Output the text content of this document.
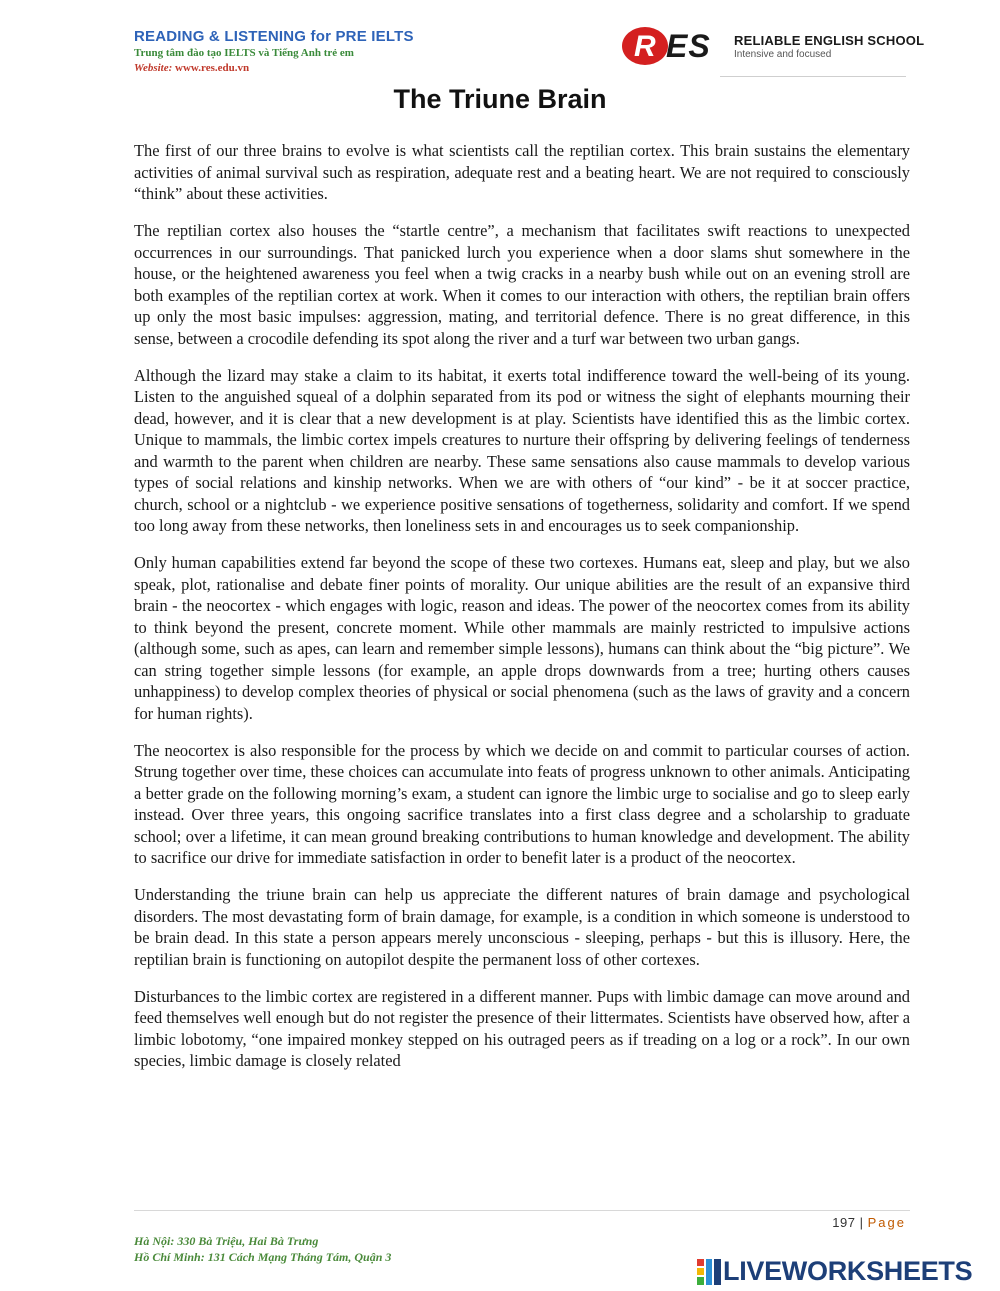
READING & LISTENING for PRE IELTS
Trung tâm đào tạo IELTS và Tiếng Anh trẻ em
Website: www.res.edu.vn
R ES RELIABLE ENGLISH SCHOOL
Intensive and focused
The Triune Brain

The first of our three brains to evolve is what scientists call the reptilian cortex. This brain sustains the elementary activities of animal survival such as respiration, adequate rest and a beating heart. We are not required to consciously “think” about these activities.

The reptilian cortex also houses the “startle centre”, a mechanism that facilitates swift reactions to unexpected occurrences in our surroundings. That panicked lurch you experience when a door slams shut somewhere in the house, or the heightened awareness you feel when a twig cracks in a nearby bush while out on an evening stroll are both examples of the reptilian cortex at work. When it comes to our interaction with others, the reptilian brain offers up only the most basic impulses: aggression, mating, and territorial defence. There is no great difference, in this sense, between a crocodile defending its spot along the river and a turf war between two urban gangs.

Although the lizard may stake a claim to its habitat, it exerts total indifference toward the well-being of its young. Listen to the anguished squeal of a dolphin separated from its pod or witness the sight of elephants mourning their dead, however, and it is clear that a new development is at play. Scientists have identified this as the limbic cortex. Unique to mammals, the limbic cortex impels creatures to nurture their offspring by delivering feelings of tenderness and warmth to the parent when children are nearby. These same sensations also cause mammals to develop various types of social relations and kinship networks. When we are with others of “our kind” - be it at soccer practice, church, school or a nightclub - we experience positive sensations of togetherness, solidarity and comfort. If we spend too long away from these networks, then loneliness sets in and encourages us to seek companionship.

Only human capabilities extend far beyond the scope of these two cortexes. Humans eat, sleep and play, but we also speak, plot, rationalise and debate finer points of morality. Our unique abilities are the result of an expansive third brain - the neocortex - which engages with logic, reason and ideas. The power of the neocortex comes from its ability to think beyond the present, concrete moment. While other mammals are mainly restricted to impulsive actions (although some, such as apes, can learn and remember simple lessons), humans can think about the “big picture”. We can string together simple lessons (for example, an apple drops downwards from a tree; hurting others causes unhappiness) to develop complex theories of physical or social phenomena (such as the laws of gravity and a concern for human rights).

The neocortex is also responsible for the process by which we decide on and commit to particular courses of action. Strung together over time, these choices can accumulate into feats of progress unknown to other animals. Anticipating a better grade on the following morning’s exam, a student can ignore the limbic urge to socialise and go to sleep early instead. Over three years, this ongoing sacrifice translates into a first class degree and a scholarship to graduate school; over a lifetime, it can mean ground breaking contributions to human knowledge and development. The ability to sacrifice our drive for immediate satisfaction in order to benefit later is a product of the neocortex.

Understanding the triune brain can help us appreciate the different natures of brain damage and psychological disorders. The most devastating form of brain damage, for example, is a condition in which someone is understood to be brain dead. In this state a person appears merely unconscious - sleeping, perhaps - but this is illusory. Here, the reptilian brain is functioning on autopilot despite the permanent loss of other cortexes.

Disturbances to the limbic cortex are registered in a different manner. Pups with limbic damage can move around and feed themselves well enough but do not register the presence of their littermates. Scientists have observed how, after a limbic lobotomy, “one impaired monkey stepped on his outraged peers as if treading on a log or a rock”. In our own species, limbic damage is closely related

197 | Page
Hà Nội: 330 Bà Triệu, Hai Bà Trưng
Hồ Chí Minh: 131 Cách Mạng Tháng Tám, Quận 3	LIVEWORKSHEETS
